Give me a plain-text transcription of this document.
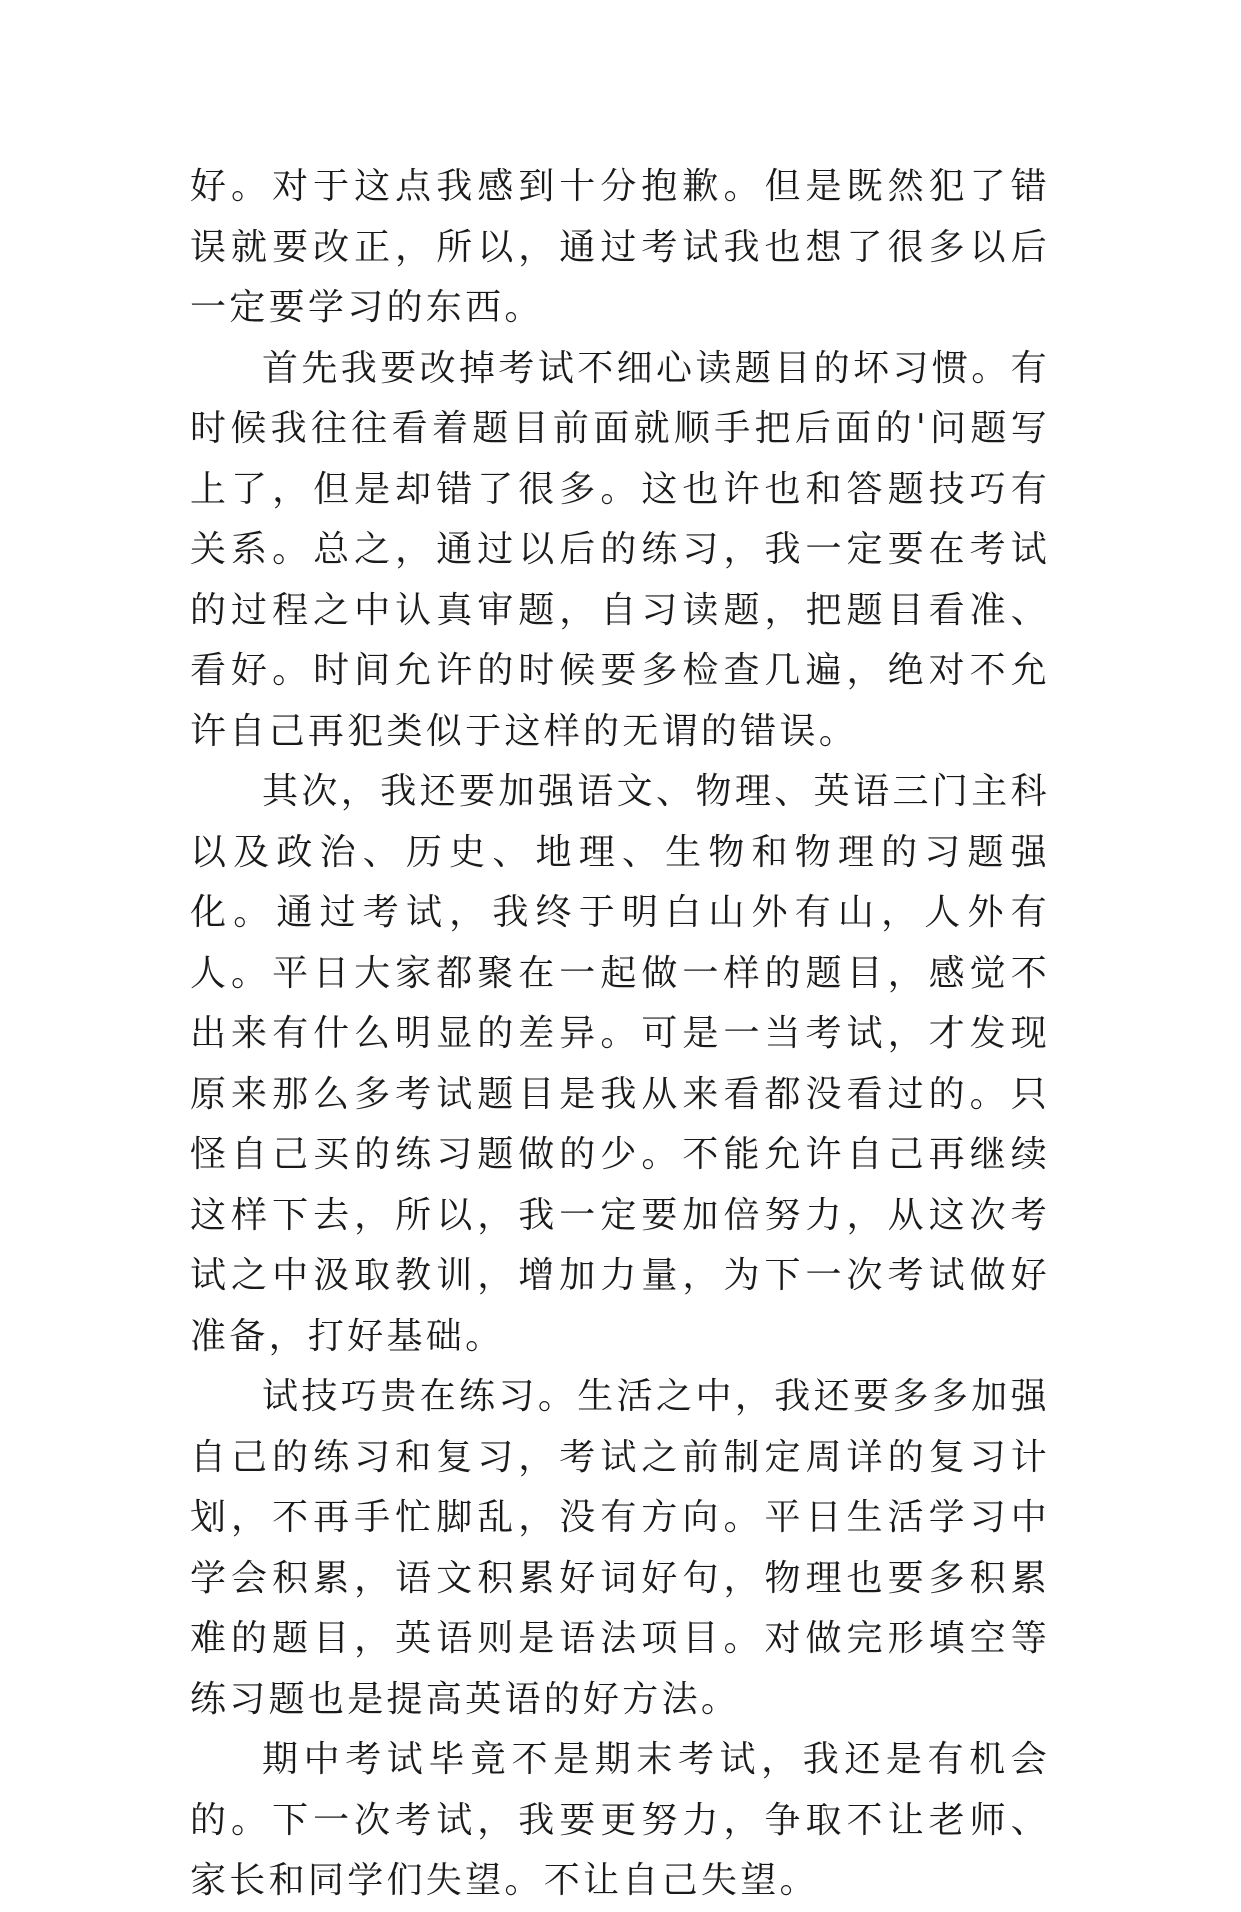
好。对于这点我感到十分抱歉。但是既然犯了错误就要改正，所以，通过考试我也想了很多以后一定要学习的东西。

首先我要改掉考试不细心读题目的坏习惯。有时候我往往看着题目前面就顺手把后面的'问题写上了，但是却错了很多。这也许也和答题技巧有关系。总之，通过以后的练习，我一定要在考试的过程之中认真审题，自习读题，把题目看准、看好。时间允许的时候要多检查几遍，绝对不允许自己再犯类似于这样的无谓的错误。

其次，我还要加强语文、物理、英语三门主科以及政治、历史、地理、生物和物理的习题强化。通过考试，我终于明白山外有山，人外有人。平日大家都聚在一起做一样的题目，感觉不出来有什么明显的差异。可是一当考试，才发现原来那么多考试题目是我从来看都没看过的。只怪自己买的练习题做的少。不能允许自己再继续这样下去，所以，我一定要加倍努力，从这次考试之中汲取教训，增加力量，为下一次考试做好准备，打好基础。

试技巧贵在练习。生活之中，我还要多多加强自己的练习和复习，考试之前制定周详的复习计划，不再手忙脚乱，没有方向。平日生活学习中学会积累，语文积累好词好句，物理也要多积累难的题目，英语则是语法项目。对做完形填空等练习题也是提高英语的好方法。

期中考试毕竟不是期末考试，我还是有机会的。下一次考试，我要更努力，争取不让老师、家长和同学们失望。不让自己失望。
